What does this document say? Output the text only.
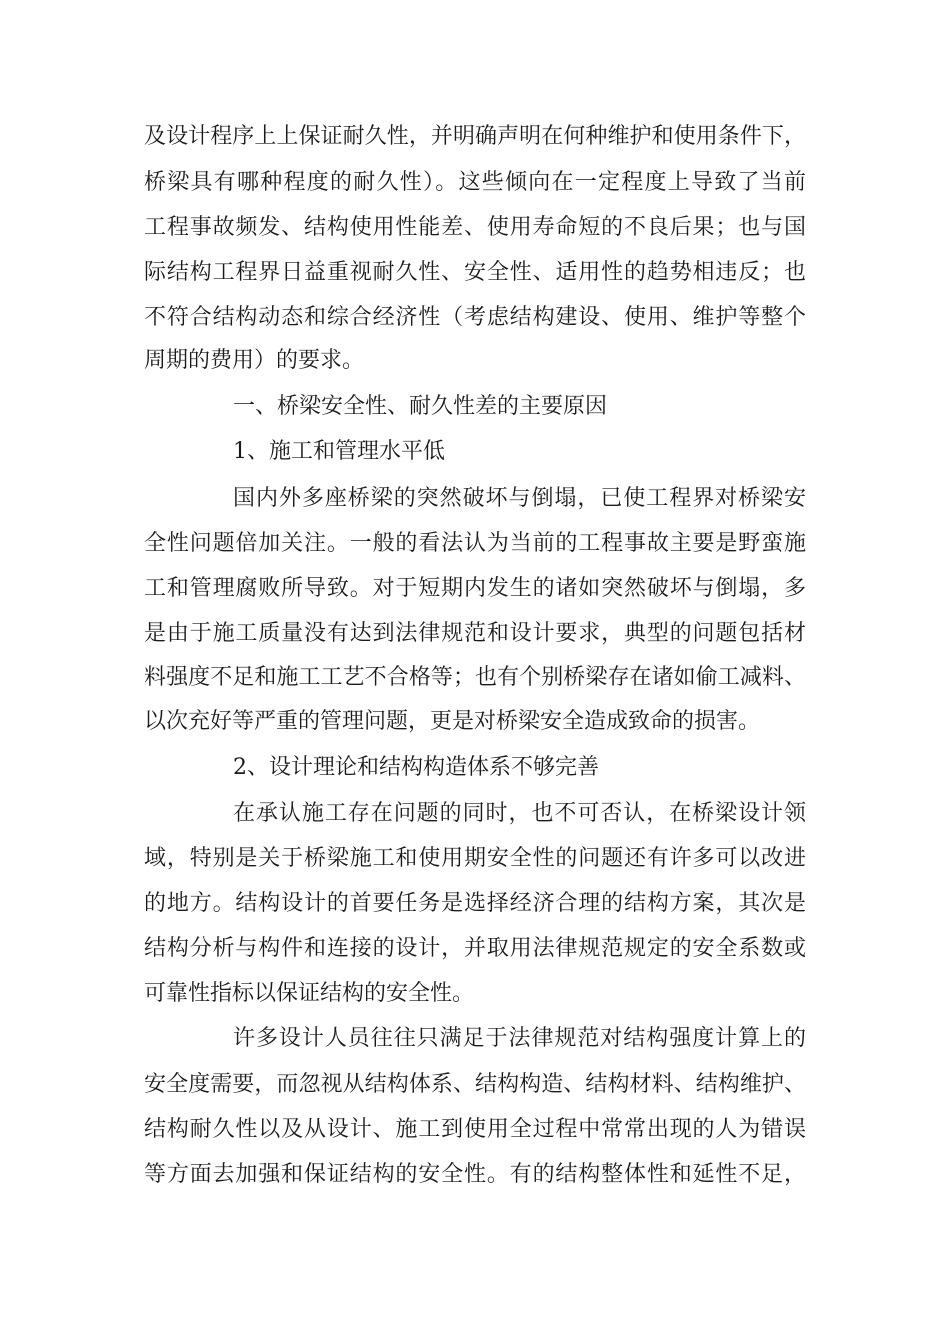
及设计程序上上保证耐久性，并明确声明在何种维护和使用条件下，
桥梁具有哪种程度的耐久性）。这些倾向在一定程度上导致了当前
工程事故频发、结构使用性能差、使用寿命短的不良后果；也与国
际结构工程界日益重视耐久性、安全性、适用性的趋势相违反；也
不符合结构动态和综合经济性（考虑结构建设、使用、维护等整个
周期的费用）的要求。
一、桥梁安全性、耐久性差的主要原因
1、施工和管理水平低
国内外多座桥梁的突然破坏与倒塌，已使工程界对桥梁安
全性问题倍加关注。一般的看法认为当前的工程事故主要是野蛮施
工和管理腐败所导致。对于短期内发生的诸如突然破坏与倒塌，多
是由于施工质量没有达到法律规范和设计要求，典型的问题包括材
料强度不足和施工工艺不合格等；也有个别桥梁存在诸如偷工减料、
以次充好等严重的管理问题，更是对桥梁安全造成致命的损害。
2、设计理论和结构构造体系不够完善
在承认施工存在问题的同时，也不可否认，在桥梁设计领
域，特别是关于桥梁施工和使用期安全性的问题还有许多可以改进
的地方。结构设计的首要任务是选择经济合理的结构方案，其次是
结构分析与构件和连接的设计，并取用法律规范规定的安全系数或
可靠性指标以保证结构的安全性。
许多设计人员往往只满足于法律规范对结构强度计算上的
安全度需要，而忽视从结构体系、结构构造、结构材料、结构维护、
结构耐久性以及从设计、施工到使用全过程中常常出现的人为错误
等方面去加强和保证结构的安全性。有的结构整体性和延性不足，
